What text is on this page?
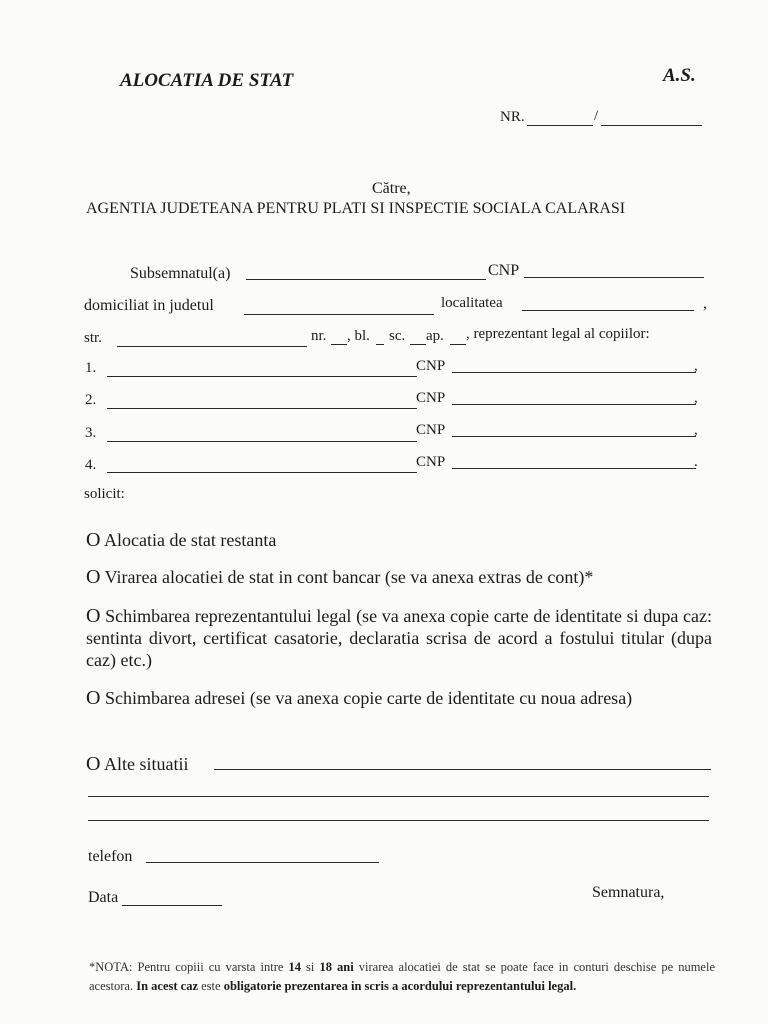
ALOCATIA DE STAT	A.S.
NR.	/
Către,
AGENTIA JUDETEANA PENTRU PLATI SI INSPECTIE SOCIALA CALARASI
Subsemnatul(a)	CNP
domiciliat in judetul	localitatea	,
str.	nr. , bl. sc. ap. , reprezentant legal al copiilor:
1.	CNP	,
2.	CNP	,
3.	CNP	,
4.	CNP	.
solicit:
O Alocatia de stat restanta
O Virarea alocatiei de stat in cont bancar (se va anexa extras de cont)*
O Schimbarea reprezentantului legal (se va anexa copie carte de identitate si dupa caz: sentinta divort, certificat casatorie, declaratia scrisa de acord a fostului titular (dupa caz) etc.)
O Schimbarea adresei (se va anexa copie carte de identitate cu noua adresa)
O Alte situatii
telefon
Data	Semnatura,
*NOTA: Pentru copiii cu varsta intre 14 si 18 ani virarea alocatiei de stat se poate face in conturi deschise pe numele acestora. In acest caz este obligatorie prezentarea in scris a acordului reprezentantului legal.
